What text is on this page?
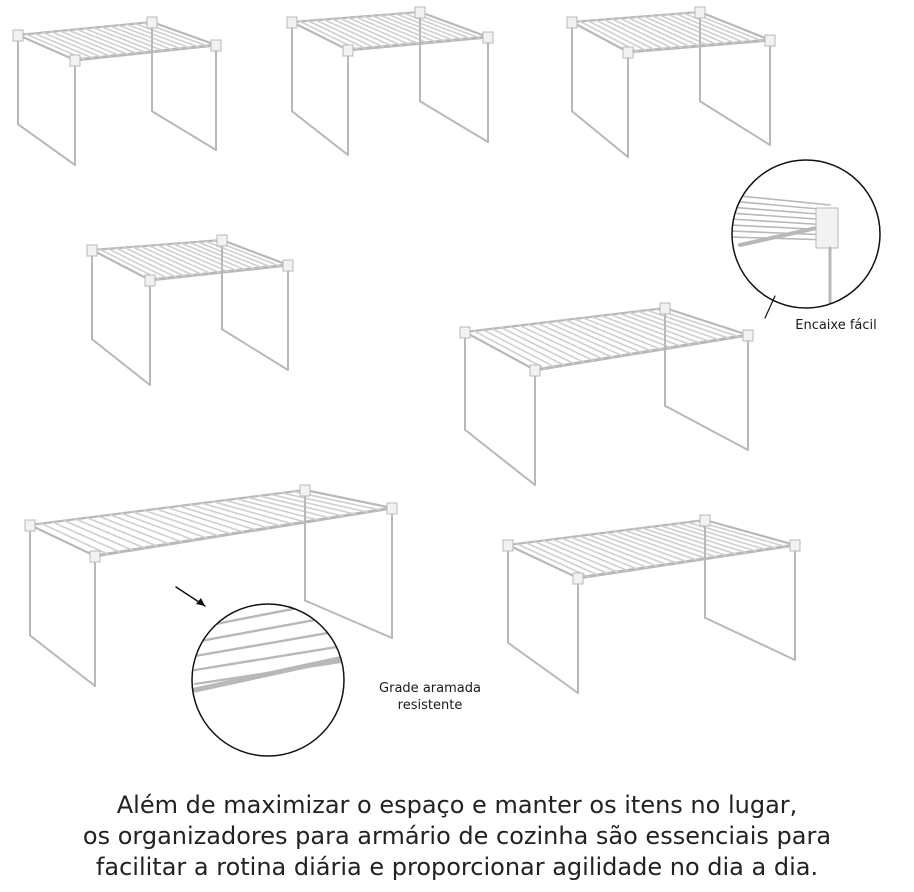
Encaixe fácil
Grade aramada
resistente
Além de maximizar o espaço e manter os itens no lugar,
os organizadores para armário de cozinha são essenciais para
facilitar a rotina diária e proporcionar agilidade no dia a dia.
